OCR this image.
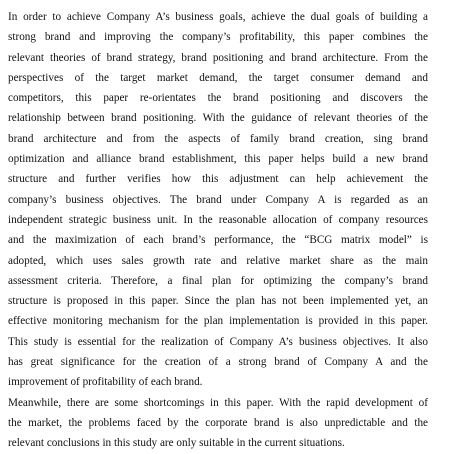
In order to achieve Company A’s business goals, achieve the dual goals of building a
strong brand and improving the company’s profitability, this paper combines the
relevant theories of brand strategy, brand positioning and brand architecture. From the
perspectives of the target market demand, the target consumer demand and
competitors, this paper re-orientates the brand positioning and discovers the
relationship between brand positioning. With the guidance of relevant theories of the
brand architecture and from the aspects of family brand creation, sing brand
optimization and alliance brand establishment, this paper helps build a new brand
structure and further verifies how this adjustment can help achievement the
company’s business objectives. The brand under Company A is regarded as an
independent strategic business unit. In the reasonable allocation of company resources
and the maximization of each brand’s performance, the “BCG matrix model” is
adopted, which uses sales growth rate and relative market share as the main
assessment criteria. Therefore, a final plan for optimizing the company’s brand
structure is proposed in this paper. Since the plan has not been implemented yet, an
effective monitoring mechanism for the plan implementation is provided in this paper.
This study is essential for the realization of Company A’s business objectives. It also
has great significance for the creation of a strong brand of Company A and the
improvement of profitability of each brand.
Meanwhile, there are some shortcomings in this paper. With the rapid development of
the market, the problems faced by the corporate brand is also unpredictable and the
relevant conclusions in this study are only suitable in the current situations.
